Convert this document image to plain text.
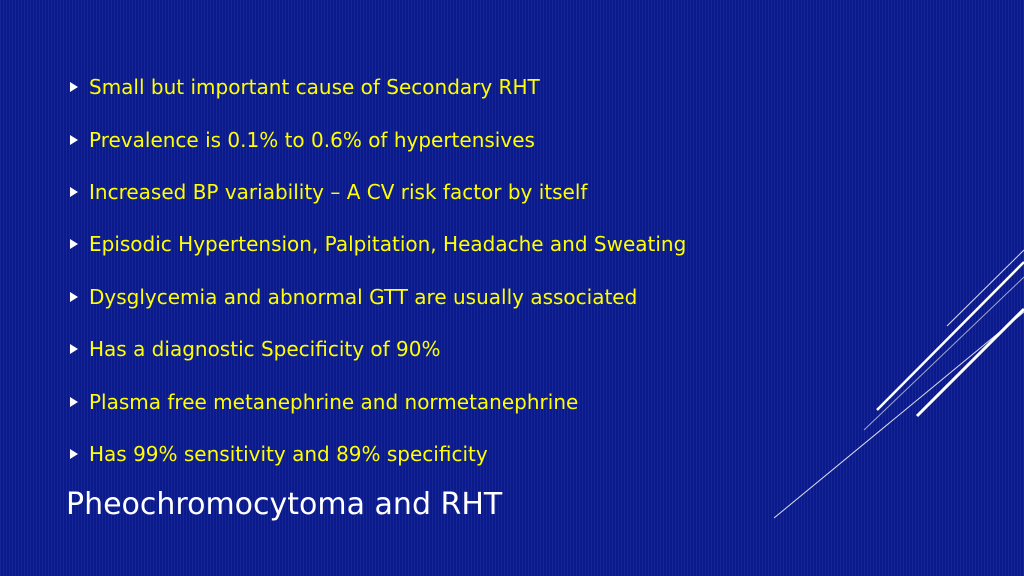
Small but important cause of Secondary RHT
Prevalence is 0.1% to 0.6% of hypertensives
Increased BP variability – A CV risk factor by itself
Episodic Hypertension, Palpitation, Headache and Sweating
Dysglycemia and abnormal GTT are usually associated
Has a diagnostic Specificity of 90%
Plasma free metanephrine and normetanephrine
Has 99% sensitivity and 89% specificity
Pheochromocytoma and RHT
